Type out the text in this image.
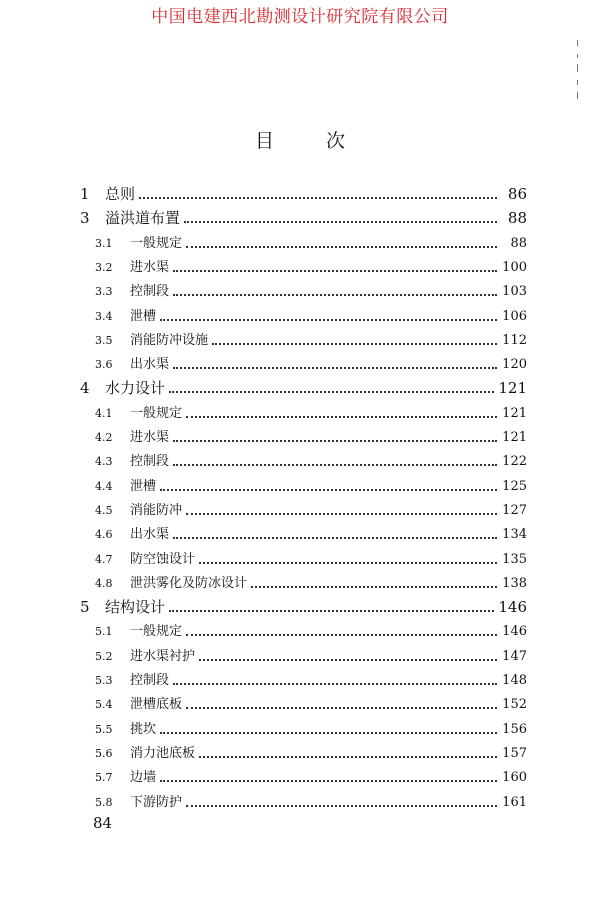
中国电建西北勘测设计研究院有限公司
目	次
1	总则	86
3	溢洪道布置	88
3.1	一般规定	88
3.2	进水渠	100
3.3	控制段	103
3.4	泄槽	106
3.5	消能防冲设施	112
3.6	出水渠	120
4	水力设计	121
4.1	一般规定	121
4.2	进水渠	121
4.3	控制段	122
4.4	泄槽	125
4.5	消能防冲	127
4.6	出水渠	134
4.7	防空蚀设计	135
4.8	泄洪雾化及防冰设计	138
5	结构设计	146
5.1	一般规定	146
5.2	进水渠衬护	147
5.3	控制段	148
5.4	泄槽底板	152
5.5	挑坎	156
5.6	消力池底板	157
5.7	边墙	160
5.8	下游防护	161
84
